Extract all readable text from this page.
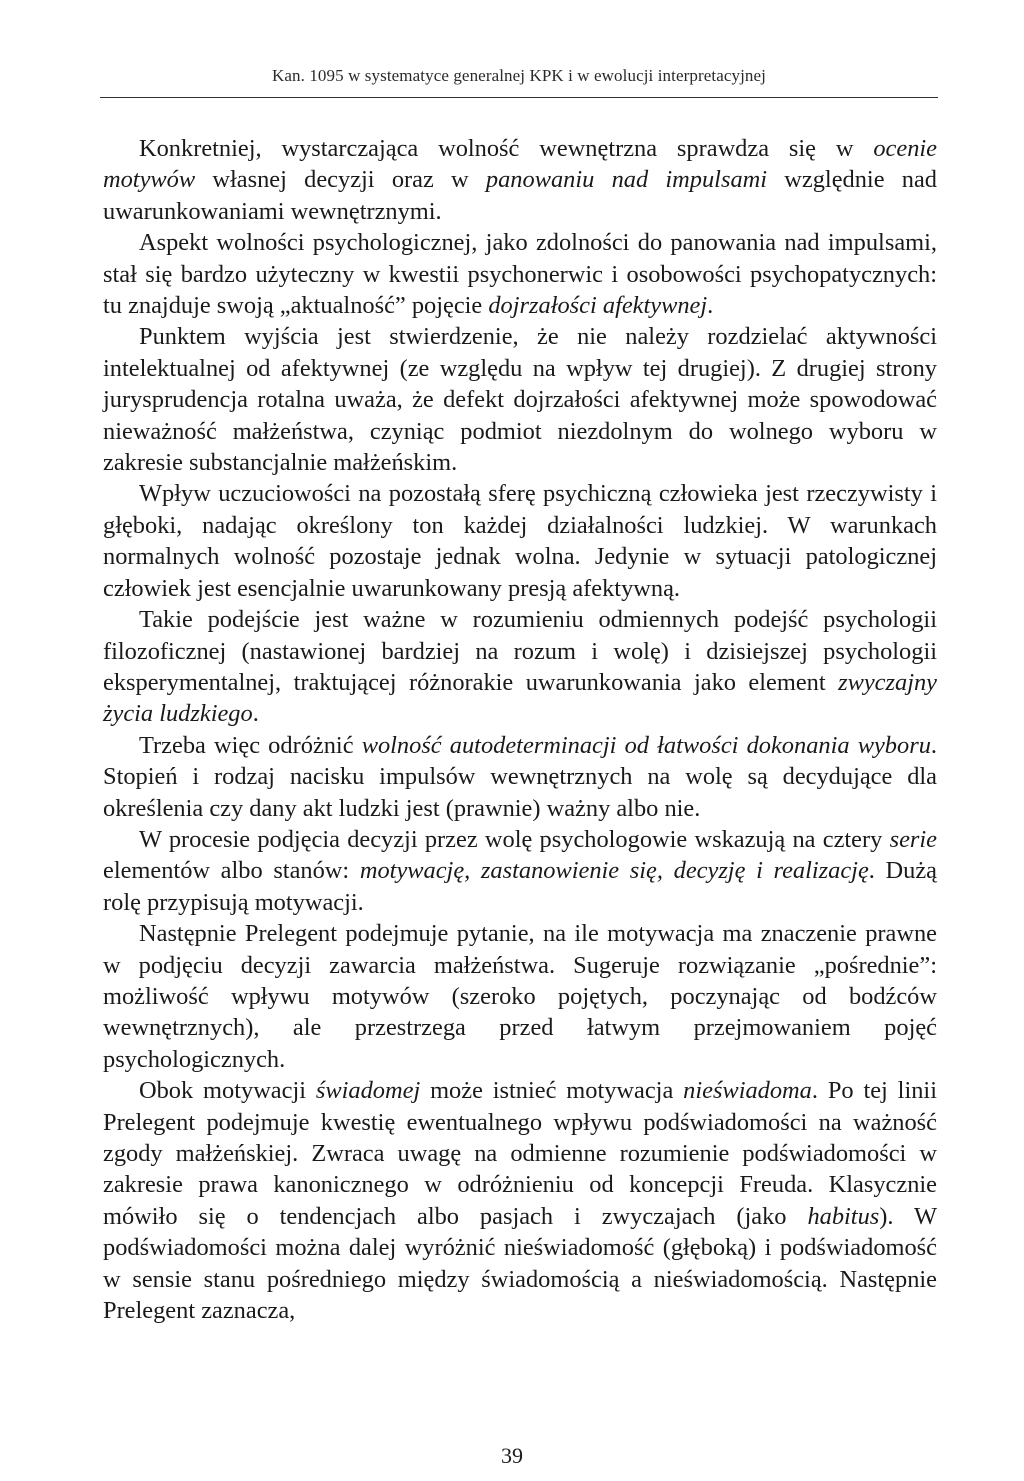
Kan. 1095 w systematyce generalnej KPK i w ewolucji interpretacyjnej

Konkretniej, wystarczająca wolność wewnętrzna sprawdza się w ocenie motywów własnej decyzji oraz w panowaniu nad impulsami względnie nad uwarunkowaniami wewnętrznymi.

Aspekt wolności psychologicznej, jako zdolności do panowania nad impulsami, stał się bardzo użyteczny w kwestii psychonerwic i osobowości psychopatycznych: tu znajduje swoją „aktualność” pojęcie dojrzałości afektywnej.

Punktem wyjścia jest stwierdzenie, że nie należy rozdzielać aktywności intelektualnej od afektywnej (ze względu na wpływ tej drugiej). Z drugiej strony jurysprudencja rotalna uważa, że defekt dojrzałości afektywnej może spowodować nieważność małżeństwa, czyniąc podmiot niezdolnym do wolnego wyboru w zakresie substancjalnie małżeńskim.

Wpływ uczuciowości na pozostałą sferę psychiczną człowieka jest rzeczywisty i głęboki, nadając określony ton każdej działalności ludzkiej. W warunkach normalnych wolność pozostaje jednak wolna. Jedynie w sytuacji patologicznej człowiek jest esencjalnie uwarunkowany presją afektywną.

Takie podejście jest ważne w rozumieniu odmiennych podejść psychologii filozoficznej (nastawionej bardziej na rozum i wolę) i dzisiejszej psychologii eksperymentalnej, traktującej różnorakie uwarunkowania jako element zwyczajny życia ludzkiego.

Trzeba więc odróżnić wolność autodeterminacji od łatwości dokonania wyboru. Stopień i rodzaj nacisku impulsów wewnętrznych na wolę są decydujące dla określenia czy dany akt ludzki jest (prawnie) ważny albo nie.

W procesie podjęcia decyzji przez wolę psychologowie wskazują na cztery serie elementów albo stanów: motywację, zastanowienie się, decyzję i realizację. Dużą rolę przypisują motywacji.

Następnie Prelegent podejmuje pytanie, na ile motywacja ma znaczenie prawne w podjęciu decyzji zawarcia małżeństwa. Sugeruje rozwiązanie „pośrednie”: możliwość wpływu motywów (szeroko pojętych, poczynając od bodźców wewnętrznych), ale przestrzega przed łatwym przejmowaniem pojęć psychologicznych.

Obok motywacji świadomej może istnieć motywacja nieświadoma. Po tej linii Prelegent podejmuje kwestię ewentualnego wpływu podświadomości na ważność zgody małżeńskiej. Zwraca uwagę na odmienne rozumienie podświadomości w zakresie prawa kanonicznego w odróżnieniu od koncepcji Freuda. Klasycznie mówiło się o tendencjach albo pasjach i zwyczajach (jako habitus). W podświadomości można dalej wyróżnić nieświadomość (głęboką) i podświadomość w sensie stanu pośredniego między świadomością a nieświadomością. Następnie Prelegent zaznacza,

39
